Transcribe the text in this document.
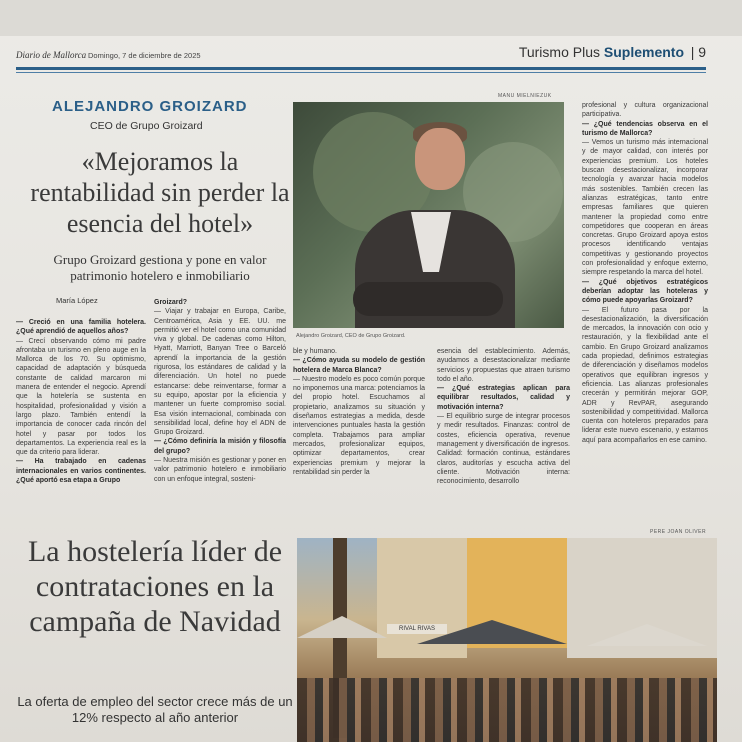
Diario de Mallorca Domingo, 7 de diciembre de 2025	Turismo Plus Suplemento | 9
ALEJANDRO GROIZARD
CEO de Grupo Groizard
«Mejoramos la rentabilidad sin perder la esencia del hotel»
Grupo Groizard gestiona y pone en valor patrimonio hotelero e inmobiliario
María López
MANU MIELNIEZUK
Alejandro Groizard, CEO de Grupo Groizard.

— Creció en una familia hotelera. ¿Qué aprendió de aquellos años?

— Crecí observando cómo mi padre afrontaba un turismo en pleno auge en la Mallorca de los 70. Su optimismo, capacidad de adaptación y búsqueda constante de calidad marcaron mi manera de entender el negocio. Aprendí que la hotelería se sustenta en hospitalidad, profesionalidad y visión a largo plazo. También entendí la importancia de conocer cada rincón del hotel y pasar por todos los departamentos. La experiencia real es la que da criterio para liderar.

— Ha trabajado en cadenas internacionales en varios continentes. ¿Qué aportó esa etapa a Grupo

Groizard?

— Viajar y trabajar en Europa, Caribe, Centroamérica, Asia y EE. UU. me permitió ver el hotel como una comunidad viva y global. De cadenas como Hilton, Hyatt, Marriott, Banyan Tree o Barceló aprendí la importancia de la gestión rigurosa, los estándares de calidad y la diferenciación. Un hotel no puede estancarse: debe reinventarse, formar a su equipo, apostar por la eficiencia y mantener un fuerte compromiso social. Esa visión internacional, combinada con sensibilidad local, define hoy el ADN de Grupo Groizard.

— ¿Cómo definiría la misión y filosofía del grupo?

— Nuestra misión es gestionar y poner en valor patrimonio hotelero e inmobiliario con un enfoque integral, sosteni-

ble y humano.

— ¿Cómo ayuda su modelo de gestión hotelera de Marca Blanca?

— Nuestro modelo es poco común porque no imponemos una marca: potenciamos la del propio hotel. Escuchamos al propietario, analizamos su situación y diseñamos estrategias a medida, desde intervenciones puntuales hasta la gestión completa. Trabajamos para ampliar mercados, profesionalizar equipos, optimizar departamentos, crear experiencias premium y mejorar la rentabilidad sin perder la

esencia del establecimiento. Además, ayudamos a desestacionalizar mediante servicios y propuestas que atraen turismo todo el año.

— ¿Qué estrategias aplican para equilibrar resultados, calidad y motivación interna?

— El equilibrio surge de integrar procesos y medir resultados. Finanzas: control de costes, eficiencia operativa, revenue management y diversificación de ingresos. Calidad: formación continua, estándares claros, auditorías y escucha activa del cliente. Motivación interna: reconocimiento, desarrollo

profesional y cultura organizacional participativa.

— ¿Qué tendencias observa en el turismo de Mallorca?

— Vemos un turismo más internacional y de mayor calidad, con interés por experiencias premium. Los hoteles buscan desestacionalizar, incorporar tecnología y avanzar hacia modelos más sostenibles. También crecen las alianzas estratégicas, tanto entre empresas familiares que quieren mantener la propiedad como entre competidores que cooperan en áreas concretas. Grupo Groizard apoya estos procesos identificando ventajas competitivas y gestionando proyectos con profesionalidad y enfoque externo, siempre respetando la marca del hotel.

— ¿Qué objetivos estratégicos deberían adoptar las hoteleras y cómo puede apoyarlas Groizard?

— El futuro pasa por la desestacionalización, la diversificación de mercados, la innovación con ocio y restauración, y la flexibilidad ante el cambio. En Grupo Groizard analizamos cada propiedad, definimos estrategias de diferenciación y diseñamos modelos operativos que equilibran ingresos y eficiencia. Las alianzas profesionales crecerán y permitirán mejorar GOP, ADR y RevPAR, asegurando sostenibilidad y competitividad. Mallorca cuenta con hoteleros preparados para liderar este nuevo escenario, y estamos aquí para acompañarlos en ese camino.

PERE JOAN OLIVER
La hostelería líder de contrataciones en la campaña de Navidad
La oferta de empleo del sector crece más de un 12% respecto al año anterior
RIVAL RIVAS
